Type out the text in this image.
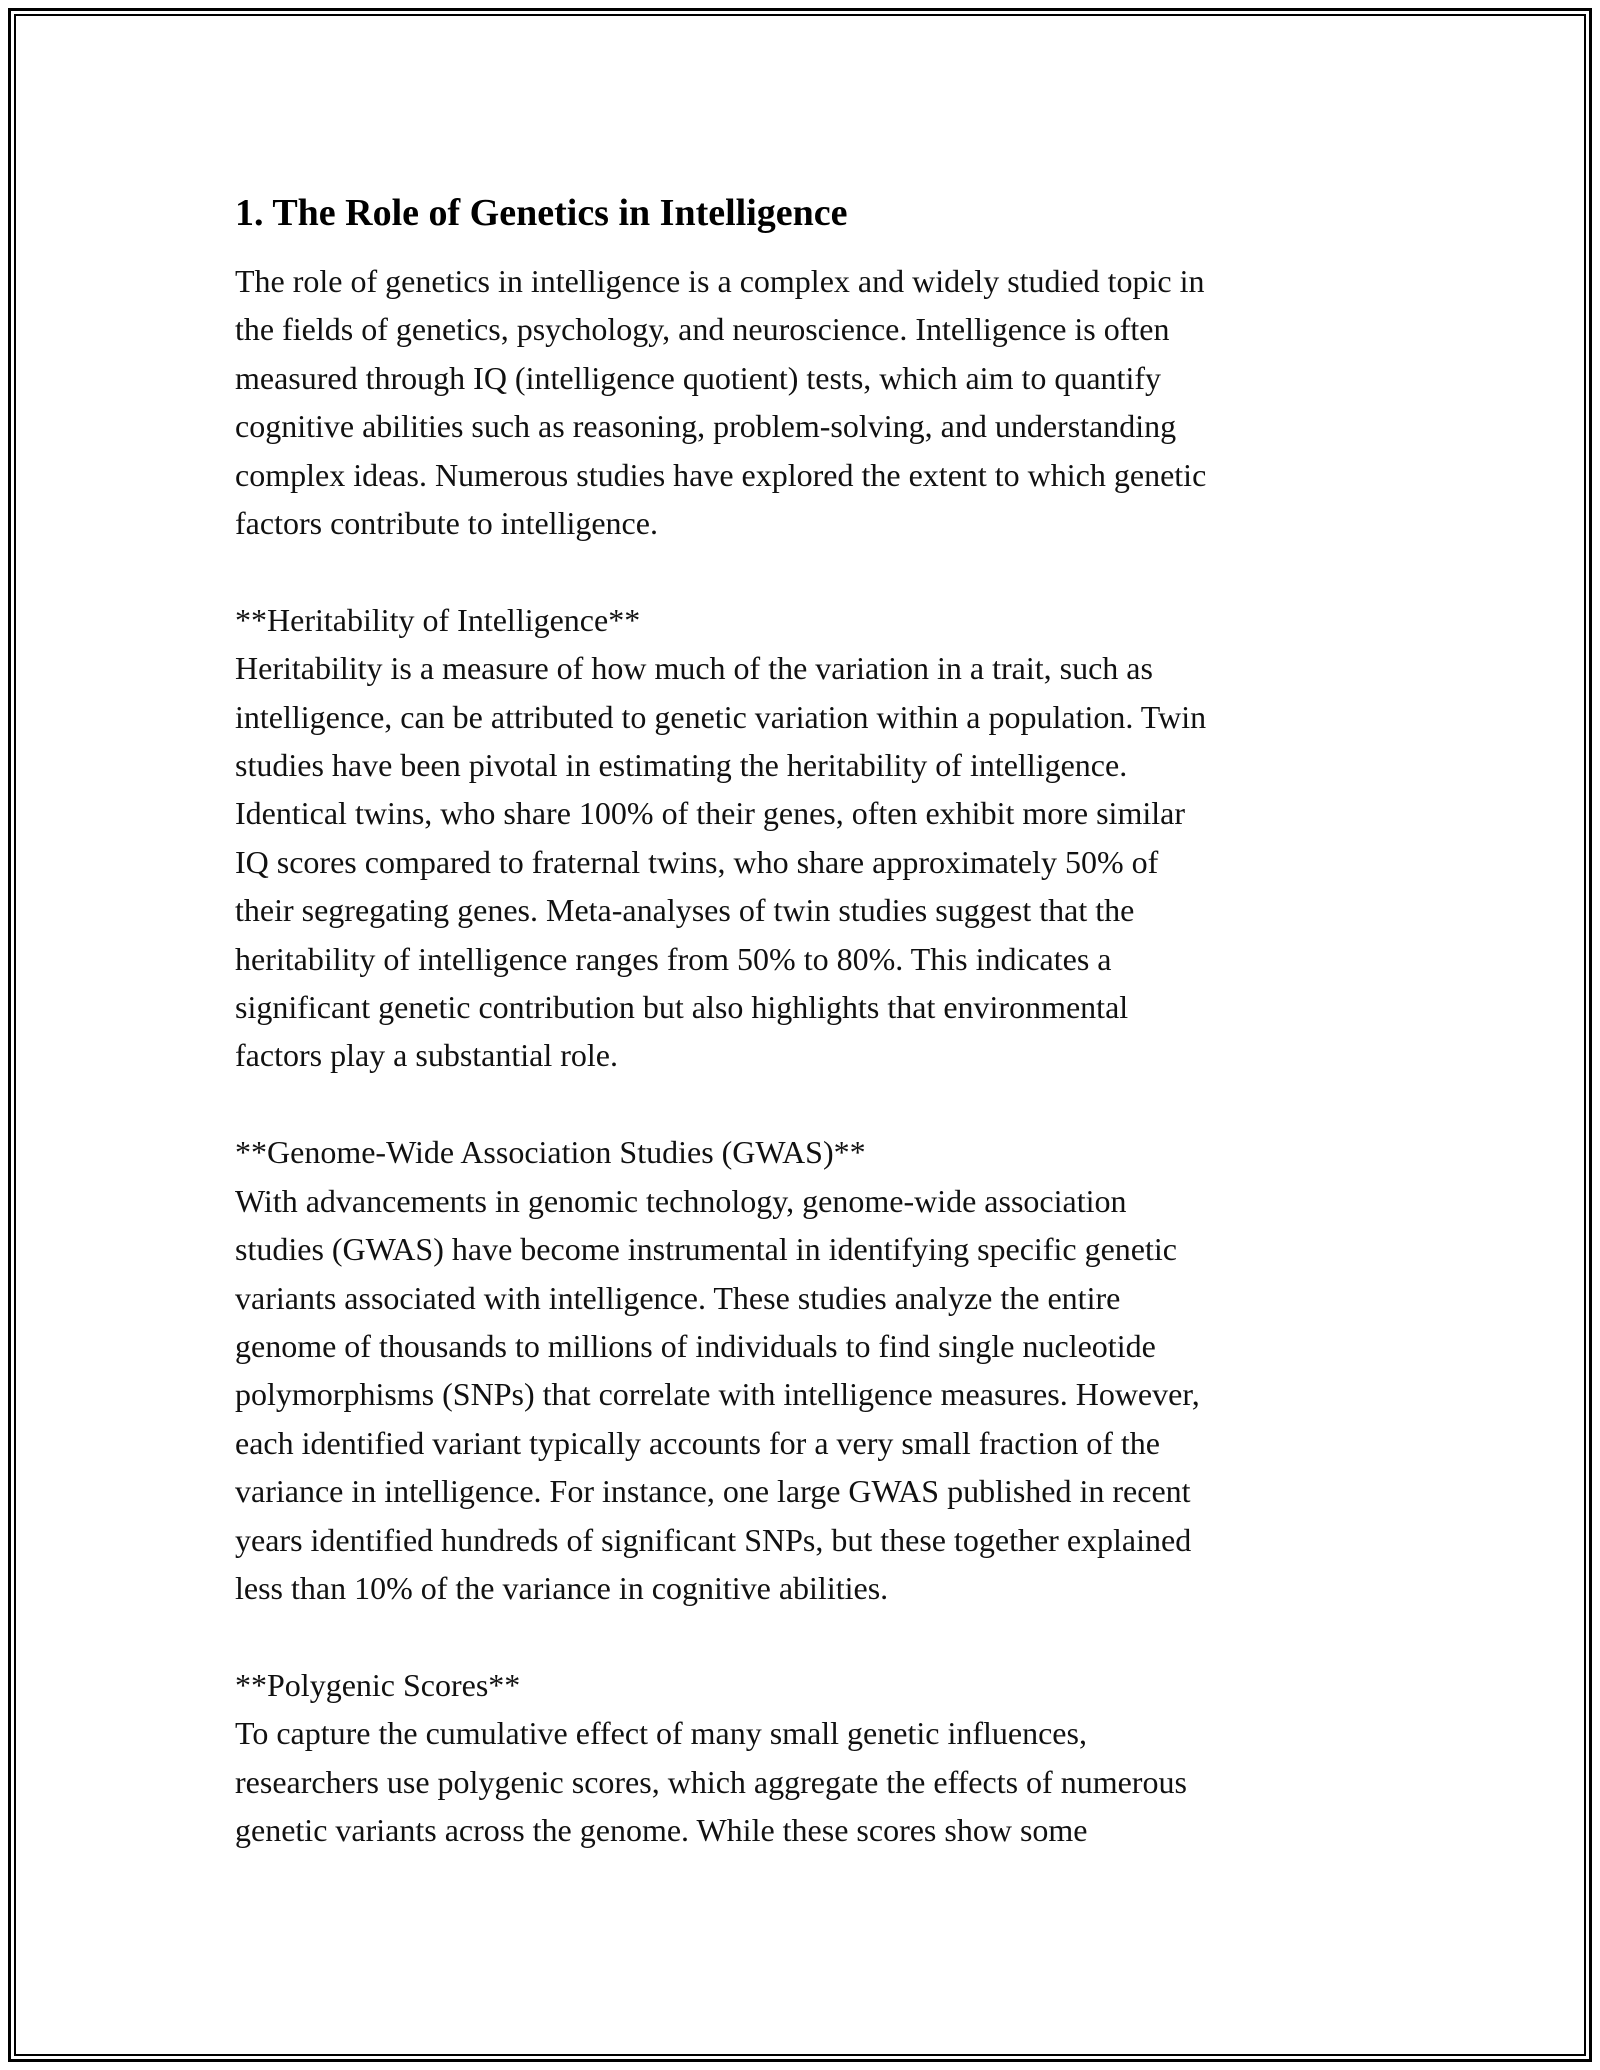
1. The Role of Genetics in Intelligence

The role of genetics in intelligence is a complex and widely studied topic in
the fields of genetics, psychology, and neuroscience. Intelligence is often
measured through IQ (intelligence quotient) tests, which aim to quantify
cognitive abilities such as reasoning, problem-solving, and understanding
complex ideas. Numerous studies have explored the extent to which genetic
factors contribute to intelligence.

**Heritability of Intelligence**

Heritability is a measure of how much of the variation in a trait, such as
intelligence, can be attributed to genetic variation within a population. Twin
studies have been pivotal in estimating the heritability of intelligence.
Identical twins, who share 100% of their genes, often exhibit more similar
IQ scores compared to fraternal twins, who share approximately 50% of
their segregating genes. Meta-analyses of twin studies suggest that the
heritability of intelligence ranges from 50% to 80%. This indicates a
significant genetic contribution but also highlights that environmental
factors play a substantial role.

**Genome-Wide Association Studies (GWAS)**

With advancements in genomic technology, genome-wide association
studies (GWAS) have become instrumental in identifying specific genetic
variants associated with intelligence. These studies analyze the entire
genome of thousands to millions of individuals to find single nucleotide
polymorphisms (SNPs) that correlate with intelligence measures. However,
each identified variant typically accounts for a very small fraction of the
variance in intelligence. For instance, one large GWAS published in recent
years identified hundreds of significant SNPs, but these together explained
less than 10% of the variance in cognitive abilities.

**Polygenic Scores**

To capture the cumulative effect of many small genetic influences,
researchers use polygenic scores, which aggregate the effects of numerous
genetic variants across the genome. While these scores show some
